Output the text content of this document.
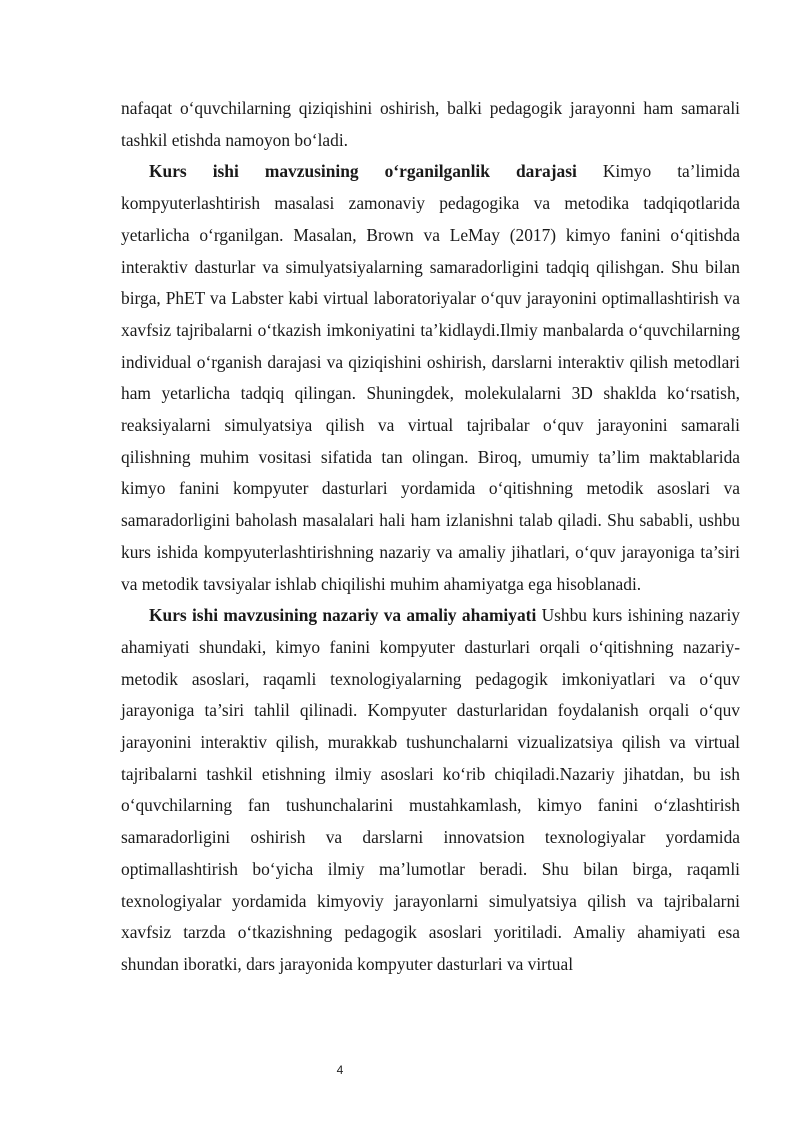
nafaqat o‘quvchilarning qiziqishini oshirish, balki pedagogik jarayonni ham samarali tashkil etishda namoyon bo‘ladi.

Kurs ishi mavzusining o‘rganilganlik darajasi Kimyo ta’limida kompyuterlashtirish masalasi zamonaviy pedagogika va metodika tadqiqotlarida yetarlicha o‘rganilgan. Masalan, Brown va LeMay (2017) kimyo fanini o‘qitishda interaktiv dasturlar va simulyatsiyalarning samaradorligini tadqiq qilishgan. Shu bilan birga, PhET va Labster kabi virtual laboratoriyalar o‘quv jarayonini optimallashtirish va xavfsiz tajribalarni o‘tkazish imkoniyatini ta’kidlaydi.Ilmiy manbalarda o‘quvchilarning individual o‘rganish darajasi va qiziqishini oshirish, darslarni interaktiv qilish metodlari ham yetarlicha tadqiq qilingan. Shuningdek, molekulalarni 3D shaklda ko‘rsatish, reaksiyalarni simulyatsiya qilish va virtual tajribalar o‘quv jarayonini samarali qilishning muhim vositasi sifatida tan olingan. Biroq, umumiy ta’lim maktablarida kimyo fanini kompyuter dasturlari yordamida o‘qitishning metodik asoslari va samaradorligini baholash masalalari hali ham izlanishni talab qiladi. Shu sababli, ushbu kurs ishida kompyuterlashtirishning nazariy va amaliy jihatlari, o‘quv jarayoniga ta’siri va metodik tavsiyalar ishlab chiqilishi muhim ahamiyatga ega hisoblanadi.

Kurs ishi mavzusining nazariy va amaliy ahamiyati Ushbu kurs ishining nazariy ahamiyati shundaki, kimyo fanini kompyuter dasturlari orqali o‘qitishning nazariy-metodik asoslari, raqamli texnologiyalarning pedagogik imkoniyatlari va o‘quv jarayoniga ta’siri tahlil qilinadi. Kompyuter dasturlaridan foydalanish orqali o‘quv jarayonini interaktiv qilish, murakkab tushunchalarni vizualizatsiya qilish va virtual tajribalarni tashkil etishning ilmiy asoslari ko‘rib chiqiladi.Nazariy jihatdan, bu ish o‘quvchilarning fan tushunchalarini mustahkamlash, kimyo fanini o‘zlashtirish samaradorligini oshirish va darslarni innovatsion texnologiyalar yordamida optimallashtirish bo‘yicha ilmiy ma’lumotlar beradi. Shu bilan birga, raqamli texnologiyalar yordamida kimyoviy jarayonlarni simulyatsiya qilish va tajribalarni xavfsiz tarzda o‘tkazishning pedagogik asoslari yoritiladi. Amaliy ahamiyati esa shundan iboratki, dars jarayonida kompyuter dasturlari va virtual

4
